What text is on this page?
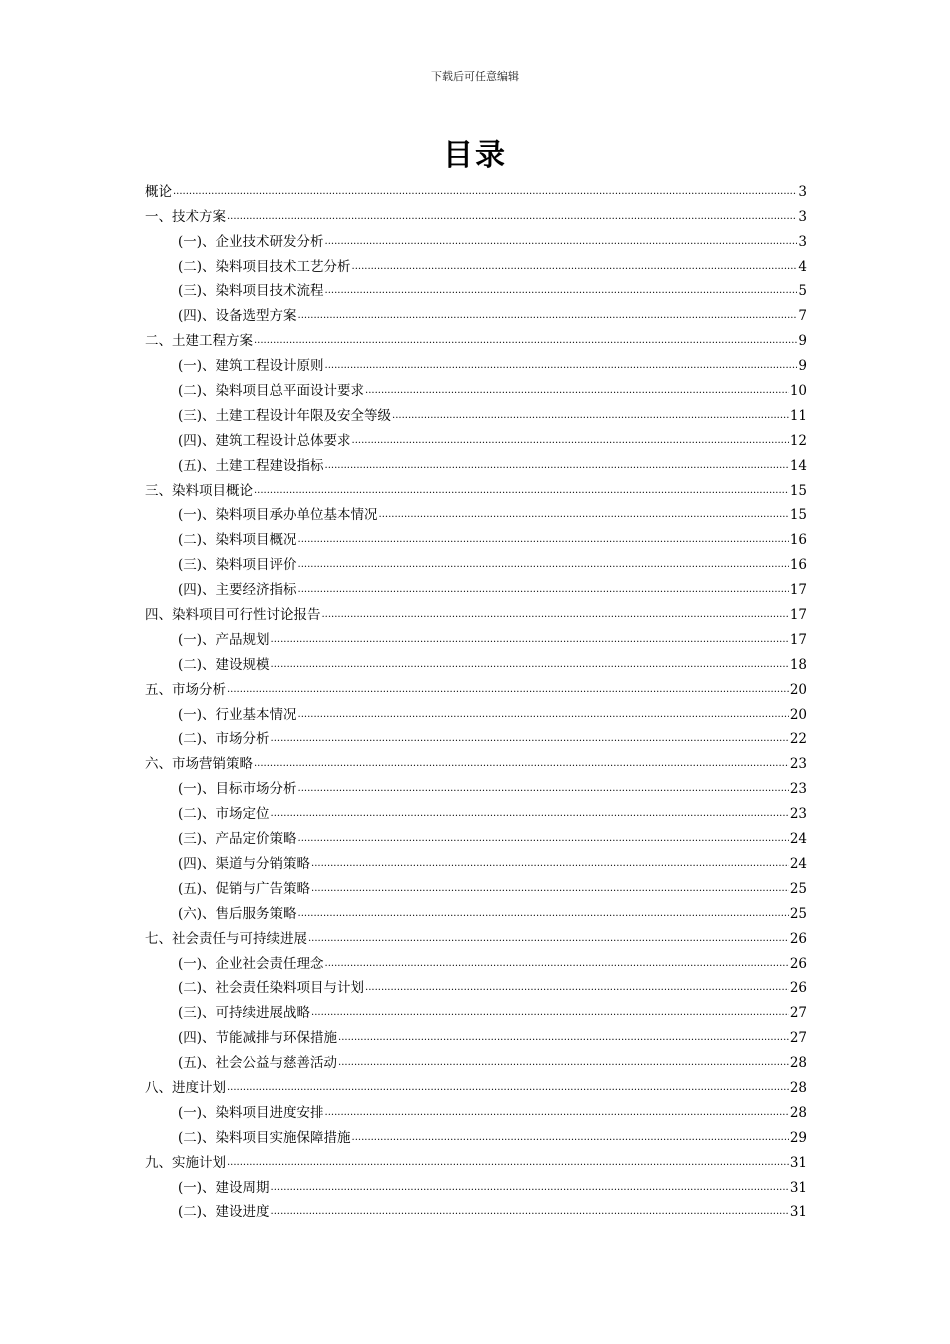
下载后可任意编辑
目录
概论 .....	3
一、技术方案 .....	3
(一)、企业技术研发分析 .....	3
(二)、染料项目技术工艺分析 .....	4
(三)、染料项目技术流程 .....	5
(四)、设备选型方案 .....	7
二、土建工程方案 .....	9
(一)、建筑工程设计原则 .....	9
(二)、染料项目总平面设计要求 .....	10
(三)、土建工程设计年限及安全等级 .....	11
(四)、建筑工程设计总体要求 .....	12
(五)、土建工程建设指标 .....	14
三、染料项目概论 .....	15
(一)、染料项目承办单位基本情况 .....	15
(二)、染料项目概况 .....	16
(三)、染料项目评价 .....	16
(四)、主要经济指标 .....	17
四、染料项目可行性讨论报告 .....	17
(一)、产品规划 .....	17
(二)、建设规模 .....	18
五、市场分析 .....	20
(一)、行业基本情况 .....	20
(二)、市场分析 .....	22
六、市场营销策略 .....	23
(一)、目标市场分析 .....	23
(二)、市场定位 .....	23
(三)、产品定价策略 .....	24
(四)、渠道与分销策略 .....	24
(五)、促销与广告策略 .....	25
(六)、售后服务策略 .....	25
七、社会责任与可持续进展 .....	26
(一)、企业社会责任理念 .....	26
(二)、社会责任染料项目与计划 .....	26
(三)、可持续进展战略 .....	27
(四)、节能减排与环保措施 .....	27
(五)、社会公益与慈善活动 .....	28
八、进度计划 .....	28
(一)、染料项目进度安排 .....	28
(二)、染料项目实施保障措施 .....	29
九、实施计划 .....	31
(一)、建设周期 .....	31
(二)、建设进度 .....	31
